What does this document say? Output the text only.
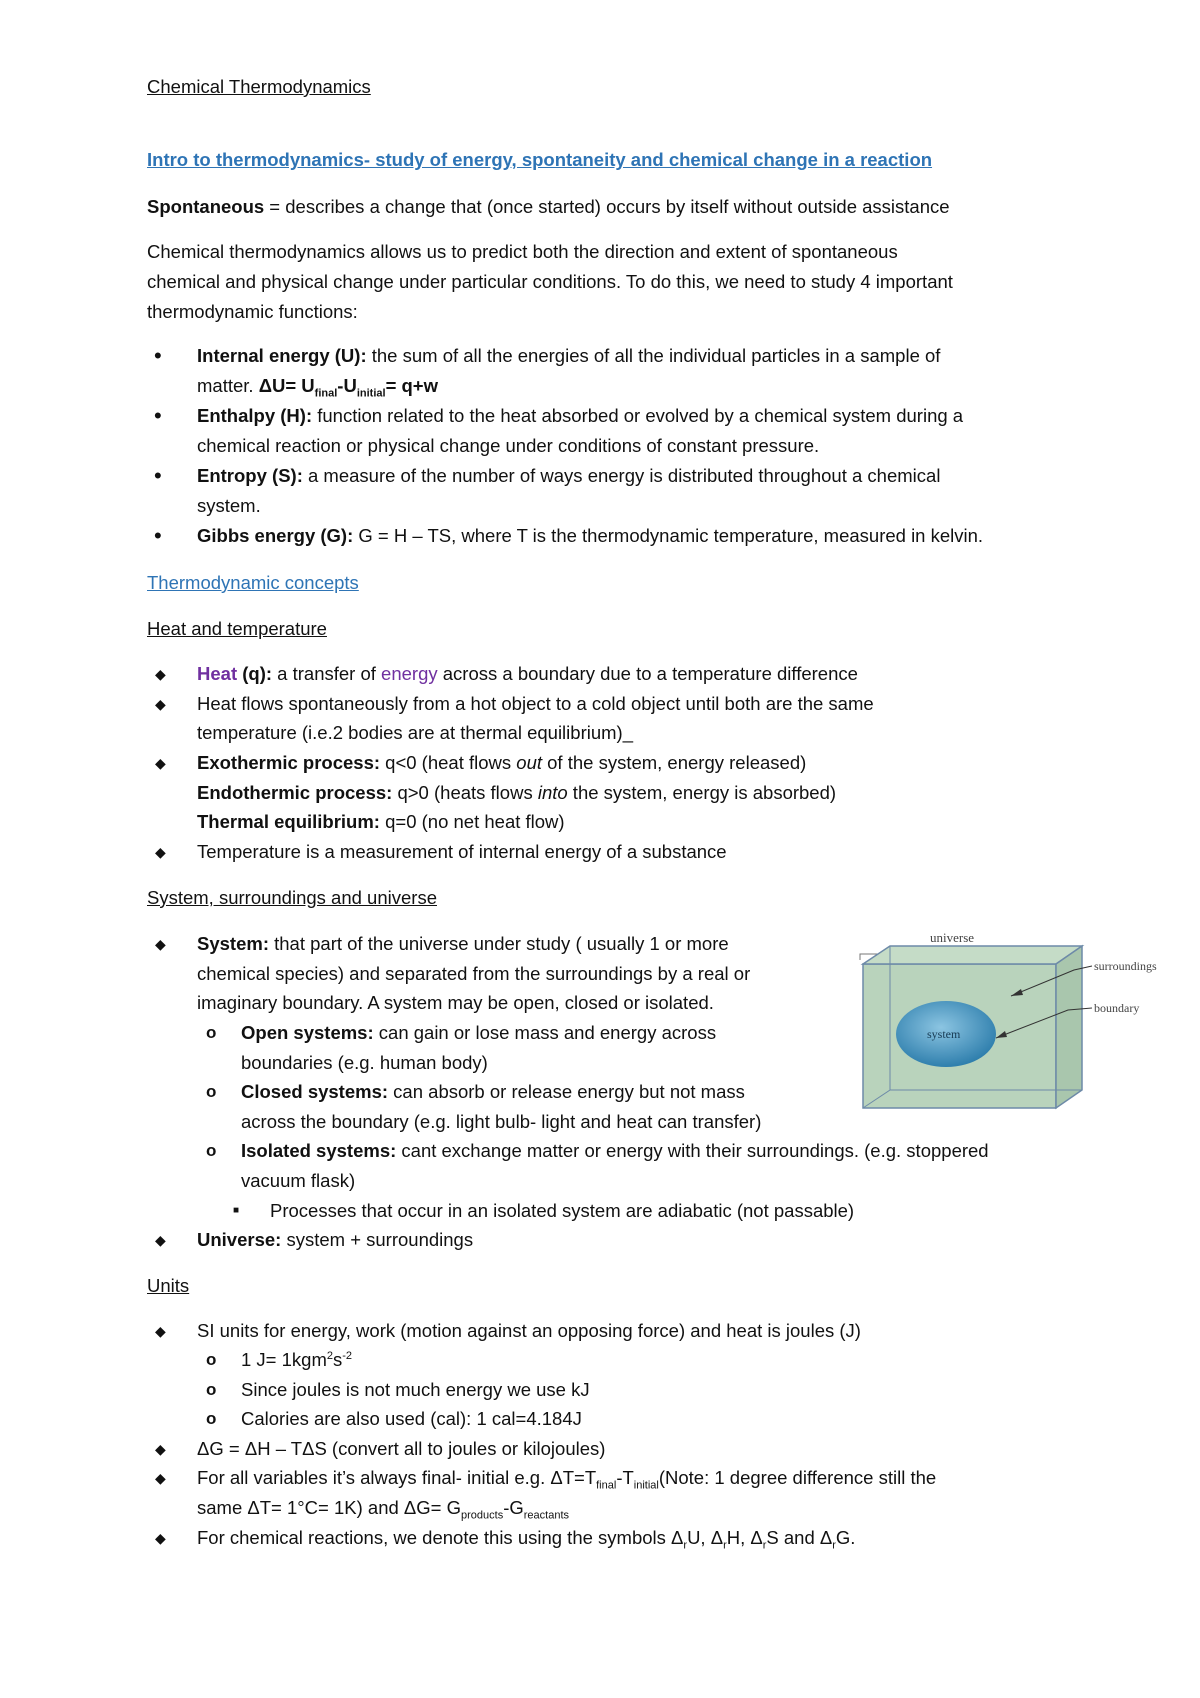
Chemical Thermodynamics
Intro to thermodynamics- study of energy, spontaneity and chemical change in a reaction
Spontaneous = describes a change that (once started) occurs by itself without outside assistance
Chemical thermodynamics allows us to predict both the direction and extent of spontaneous
chemical and physical change under particular conditions. To do this, we need to study 4 important
thermodynamic functions:
• Internal energy (U): the sum of all the energies of all the individual particles in a sample of
matter. $\Delta U= U_{final}-U_{initial}= q+w$
• Enthalpy (H): function related to the heat absorbed or evolved by a chemical system during a
chemical reaction or physical change under conditions of constant pressure.
• Entropy (S): a measure of the number of ways energy is distributed throughout a chemical
system.
• Gibbs energy (G): G = H – TS, where T is the thermodynamic temperature, measured in kelvin.
Thermodynamic concepts
Heat and temperature
◆ Heat (q): a transfer of energy across a boundary due to a temperature difference
◆ Heat flows spontaneously from a hot object to a cold object until both are the same
temperature (i.e.2 bodies are at thermal equilibrium)_
◆ Exothermic process: q<0 (heat flows out of the system, energy released)
Endothermic process: q>0 (heats flows into the system, energy is absorbed)
Thermal equilibrium: q=0 (no net heat flow)
◆ Temperature is a measurement of internal energy of a substance
System, surroundings and universe
◆ System: that part of the universe under study ( usually 1 or more
chemical species) and separated from the surroundings by a real or
imaginary boundary. A system may be open, closed or isolated.
o Open systems: can gain or lose mass and energy across
boundaries (e.g. human body)
o Closed systems: can absorb or release energy but not mass
across the boundary (e.g. light bulb- light and heat can transfer)
o Isolated systems: cant exchange matter or energy with their surroundings. (e.g. stoppered
vacuum flask)
■ Processes that occur in an isolated system are adiabatic (not passable)
◆ Universe: system + surroundings
universe
system
surroundings
boundary
Units
◆ SI units for energy, work (motion against an opposing force) and heat is joules (J)
o 1 $J= 1kgm^2s^{-2}$
o Since joules is not much energy we use kJ
o Calories are also used (cal): 1 cal=4.184J
◆ ΔG = ΔH – TΔS (convert all to joules or kilojoules)
◆ For all variables it’s always final- initial e.g. $\Delta T=T_{final}-T_{initial}(Note$: 1 degree difference still the
same ΔT= 1°C= 1K) and $\Delta G= G_{products}-G_{reactants}$
◆ For chemical reactions, we denote this using the symbols $\Delta_rU$, $\Delta_rH$, $\Delta_rS$ and $\Delta_rG$.
